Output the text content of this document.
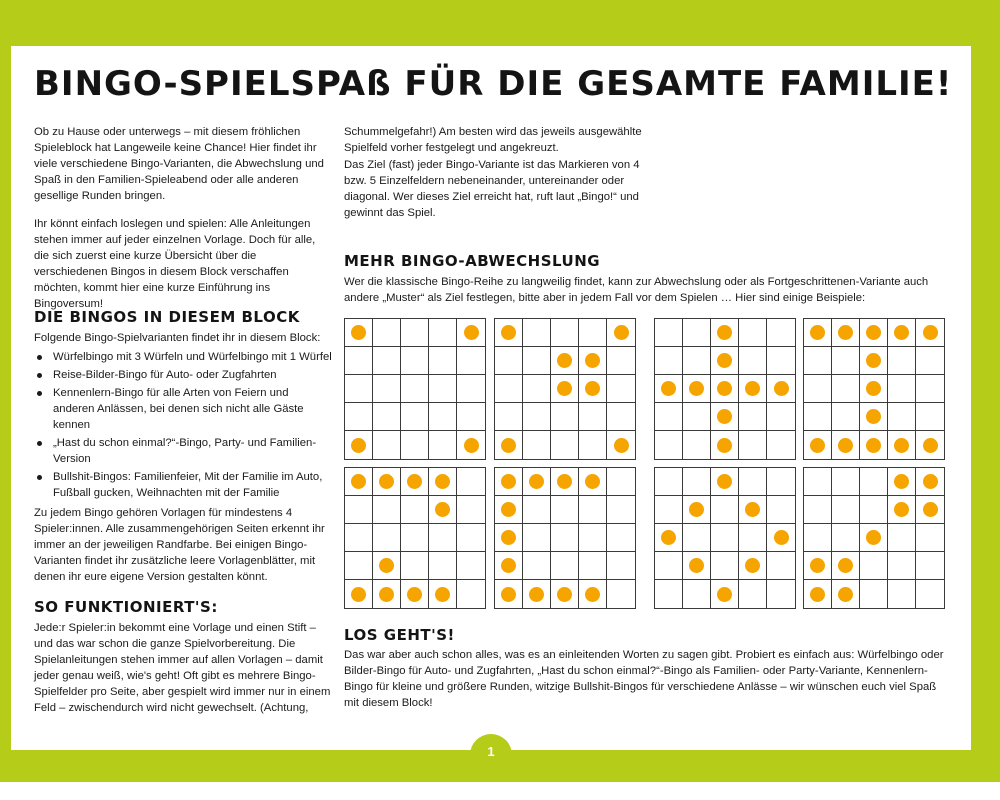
BINGO-SPIELSPAß FÜR DIE GESAMTE FAMILIE!

Ob zu Hause oder unterwegs – mit diesem fröhlichen Spieleblock hat Langeweile keine Chance! Hier findet ihr viele verschiedene Bingo-Varianten, die Abwechslung und Spaß in den Familien-Spieleabend oder alle anderen gesellige Runden bringen.

Ihr könnt einfach loslegen und spielen: Alle Anleitungen stehen immer auf jeder einzelnen Vorlage. Doch für alle, die sich zuerst eine kurze Übersicht über die verschiedenen Bingos in diesem Block verschaffen möchten, kommt hier eine kurze Einführung ins Bingoversum!

DIE BINGOS IN DIESEM BLOCK

Folgende Bingo-Spielvarianten findet ihr in diesem Block:

Würfelbingo mit 3 Würfeln und Würfelbingo mit 1 Würfel
Reise-Bilder-Bingo für Auto- oder Zugfahrten
Kennenlern-Bingo für alle Arten von Feiern und anderen Anlässen, bei denen sich nicht alle Gäste kennen
„Hast du schon einmal?“-Bingo, Party- und Familien-Version
Bullshit-Bingos: Familienfeier, Mit der Familie im Auto, Fußball gucken, Weihnachten mit der Familie

Zu jedem Bingo gehören Vorlagen für mindestens 4 Spieler:innen. Alle zusammengehörigen Seiten erkennt ihr immer an der jeweiligen Randfarbe. Bei einigen Bingo-Varianten findet ihr zusätzliche leere Vorlagenblätter, mit denen ihr eure eigene Version gestalten könnt.

SO FUNKTIONIERT'S:

Jede:r Spieler:in bekommt eine Vorlage und einen Stift – und das war schon die ganze Spielvorbereitung. Die Spielanleitungen stehen immer auf allen Vorlagen – damit jeder genau weiß, wie's geht! Oft gibt es mehrere Bingo-Spielfelder pro Seite, aber gespielt wird immer nur in einem Feld – zwischendurch wird nicht gewechselt. (Achtung,

Schummelgefahr!) Am besten wird das jeweils ausgewählte Spielfeld vorher festgelegt und angekreuzt.

Das Ziel (fast) jeder Bingo-Variante ist das Markieren von 4 bzw. 5 Einzelfeldern nebeneinander, untereinander oder diagonal. Wer dieses Ziel erreicht hat, ruft laut „Bingo!“ und gewinnt das Spiel.

MEHR BINGO-ABWECHSLUNG

Wer die klassische Bingo-Reihe zu langweilig findet, kann zur Abwechslung oder als Fortgeschrittenen-Variante auch andere „Muster“ als Ziel festlegen, bitte aber in jedem Fall vor dem Spielen … Hier sind einige Beispiele:

LOS GEHT'S!

Das war aber auch schon alles, was es an einleitenden Worten zu sagen gibt. Probiert es einfach aus: Würfelbingo oder Bilder-Bingo für Auto- und Zugfahrten, „Hast du schon einmal?“-Bingo als Familien- oder Party-Variante, Kennenlern-Bingo für kleine und größere Runden, witzige Bullshit-Bingos für verschiedene Anlässe – wir wünschen euch viel Spaß mit diesem Block!

1
